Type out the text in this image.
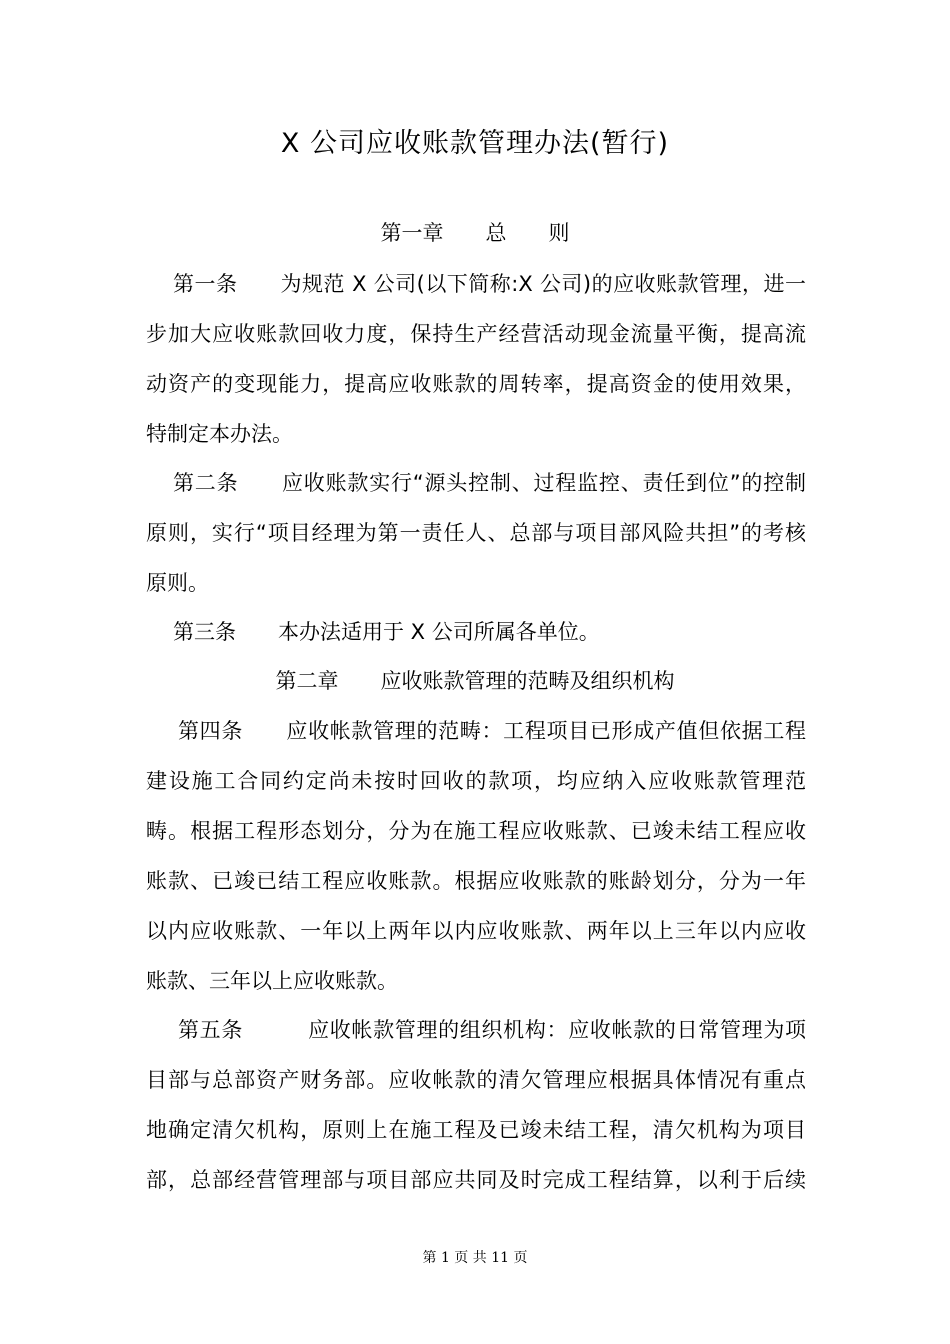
X 公司应收账款管理办法(暂行)
第一章　　总　　则
第一条　　为规范 X 公司(以下简称:X 公司)的应收账款管理，进一
步加大应收账款回收力度，保持生产经营活动现金流量平衡，提高流
动资产的变现能力，提高应收账款的周转率，提高资金的使用效果，
特制定本办法。
第二条　　应收账款实行“源头控制、过程监控、责任到位”的控制
原则，实行“项目经理为第一责任人、总部与项目部风险共担”的考核
原则。
第三条　　本办法适用于 X 公司所属各单位。
第二章　　应收账款管理的范畴及组织机构
第四条　　应收帐款管理的范畴：工程项目已形成产值但依据工程
建设施工合同约定尚未按时回收的款项，均应纳入应收账款管理范
畴。根据工程形态划分，分为在施工程应收账款、已竣未结工程应收
账款、已竣已结工程应收账款。根据应收账款的账龄划分，分为一年
以内应收账款、一年以上两年以内应收账款、两年以上三年以内应收
账款、三年以上应收账款。
第五条　　　应收帐款管理的组织机构：应收帐款的日常管理为项
目部与总部资产财务部。应收帐款的清欠管理应根据具体情况有重点
地确定清欠机构，原则上在施工程及已竣未结工程，清欠机构为项目
部，总部经营管理部与项目部应共同及时完成工程结算，以利于后续
第 1 页 共 11 页
